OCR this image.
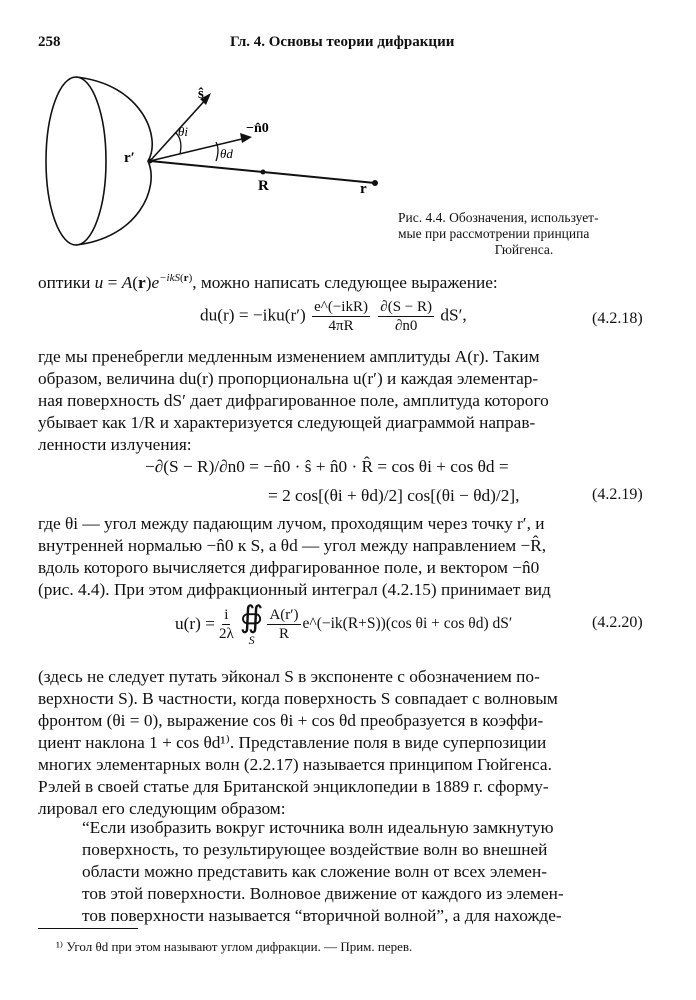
258	Гл. 4. Основы теории дифракции
ŝ
θi	−n̂0
r′	θd
R	r
Рис. 4.4. Обозначения, использует-
мые при рассмотрении принципа
Гюйгенса.
оптики $u = A(r)e^{-ikS(r)}$, можно написать следующее выражение:
$du(r) = -iku(r') \frac{\text{e\textasciicircum{}(−ikR)}}{4\pi R}$
$\frac{\partial(S - R)}{\partial n0} dS'$,	(4.2.18)
где мы пренебрегли медленным изменением амплитуды A(r). Таким
образом, величина du(r) пропорциональна u(r′) и каждая элементар-
ная поверхность dS′ дает дифрагированное поле, амплитуда которого
убывает как 1/R и характеризуется следующей диаграммой направ-
ленности излучения:
−∂(S − R)/∂n0 = −n̂0 · ŝ + n̂0 · R̂ = cos θi + cos θd =
= 2 cos[(θi + θd)/2] cos[(θi − θd)/2],	(4.2.19)
где θi — угол между падающим лучом, проходящим через точку r′, и
внутренней нормалью −n̂0 к S, а θd — угол между направлением −R̂,
вдоль которого вычисляется дифрагированное поле, и вектором −n̂0
(рис. 4.4). При этом дифракционный интеграл (4.2.15) принимает вид
$u(r) = \frac{i}{2\lambda}$ ∯
S $\frac{A(r')}{R}$ e^(−ik(R+S))(cos θi + cos θd) dS′	(4.2.20)
(здесь не следует путать эйконал S в экспоненте с обозначением по-
верхности S). В частности, когда поверхность S совпадает с волновым
фронтом (θi = 0), выражение cos θi + cos θd преобразуется в коэффи-
циент наклона 1 + cos θd¹⁾. Представление поля в виде суперпозиции
многих элементарных волн (2.2.17) называется принципом Гюйгенса.
Рэлей в своей статье для Британской энциклопедии в 1889 г. сформу-
лировал его следующим образом:
“Если изобразить вокруг источника волн идеальную замкнутую
поверхность, то результирующее воздействие волн во внешней
области можно представить как сложение волн от всех элемен-
тов этой поверхности. Волновое движение от каждого из элемен-
тов поверхности называется “вторичной волной”, а для нахожде-
¹⁾ Угол θd при этом называют углом дифракции. — Прим. перев.
